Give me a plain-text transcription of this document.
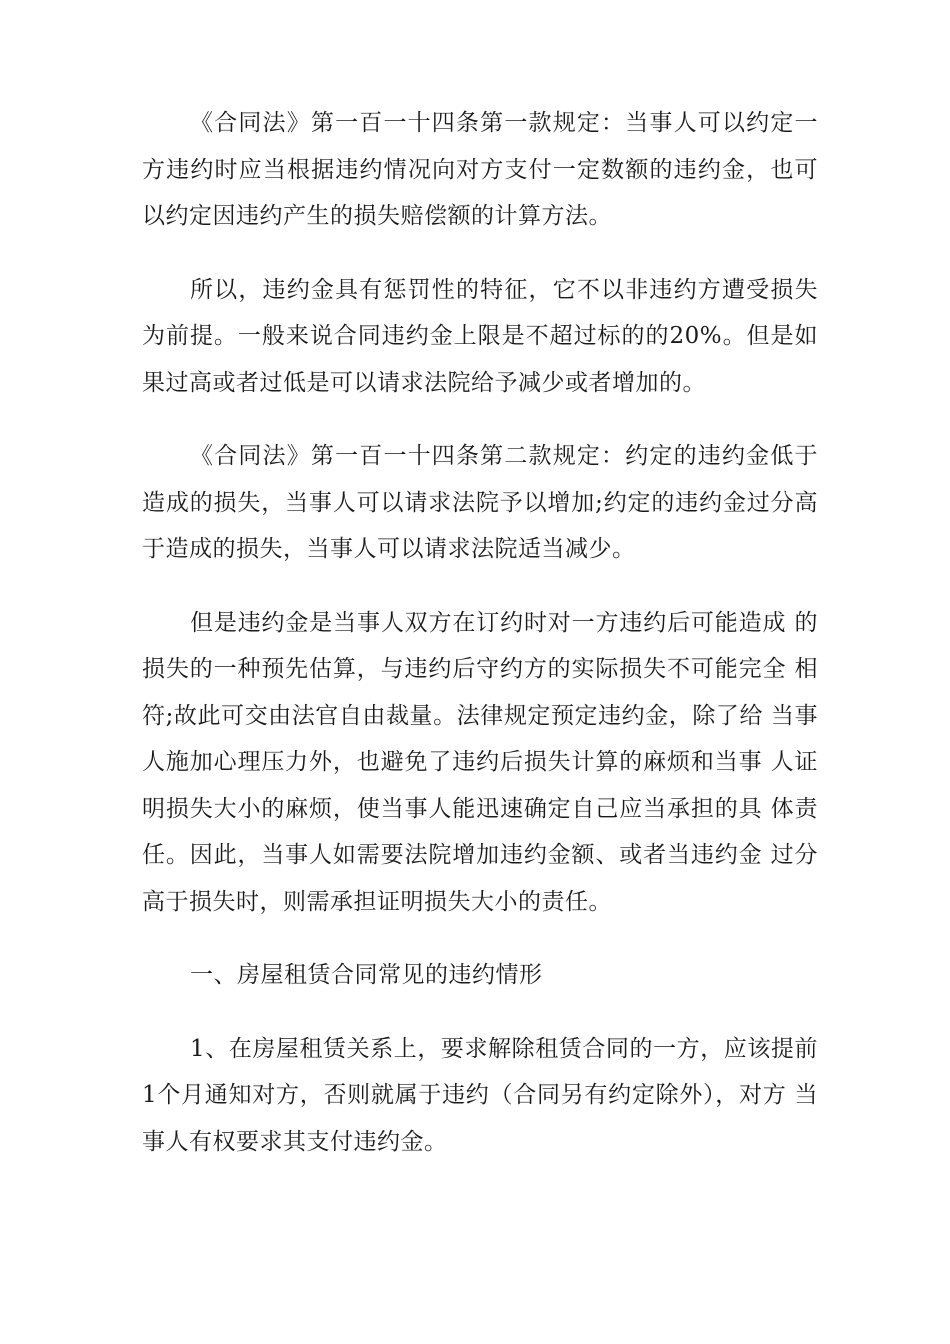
《合同法》第一百一十四条第一款规定：当事人可以约定一方违约时应当根据违约情况向对方支付一定数额的违约金，也可以约定因违约产生的损失赔偿额的计算方法。

所以，违约金具有惩罚性的特征，它不以非违约方遭受损失为前提。一般来说合同违约金上限是不超过标的的20%。但是如果过高或者过低是可以请求法院给予减少或者增加的。

《合同法》第一百一十四条第二款规定：约定的违约金低于造成的损失，当事人可以请求法院予以增加;约定的违约金过分高于造成的损失，当事人可以请求法院适当减少。

但是违约金是当事人双方在订约时对一方违约后可能造成 的损失的一种预先估算，与违约后守约方的实际损失不可能完全 相符;故此可交由法官自由裁量。法律规定预定违约金，除了给 当事人施加心理压力外，也避免了违约后损失计算的麻烦和当事 人证明损失大小的麻烦，使当事人能迅速确定自己应当承担的具 体责任。因此，当事人如需要法院增加违约金额、或者当违约金 过分高于损失时，则需承担证明损失大小的责任。

一、房屋租赁合同常见的违约情形

1、在房屋租赁关系上，要求解除租赁合同的一方，应该提前1个月通知对方，否则就属于违约（合同另有约定除外），对方 当事人有权要求其支付违约金。
